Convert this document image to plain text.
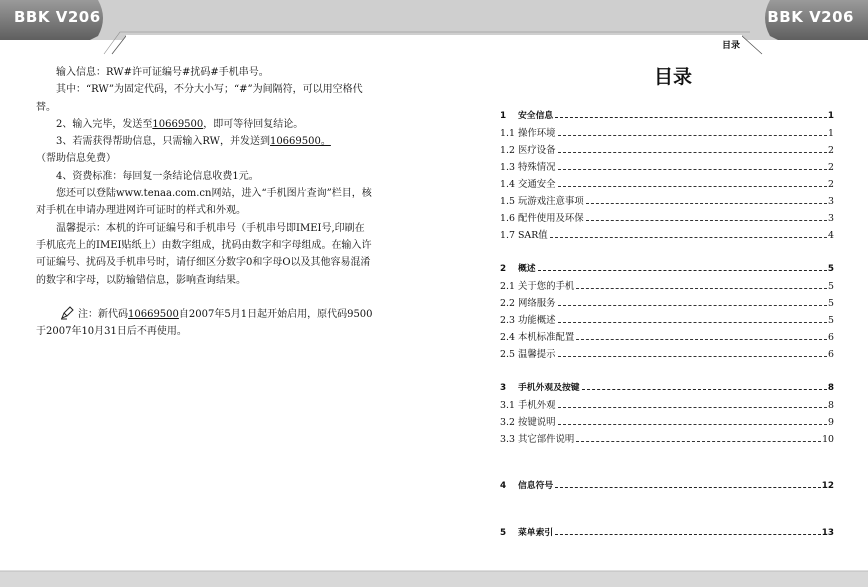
BBK V206	BBK V206
目录

输入信息：RW#许可证编号#扰码#手机串号。

其中：“RW”为固定代码，不分大小写；“#”为间隔符，可以用空格代替。

2、输入完毕，发送至10669500，即可等待回复结论。

3、若需获得帮助信息，只需输入RW，并发送到10669500。

（帮助信息免费）

4、资费标准：每回复一条结论信息收费1元。

您还可以登陆www.tenaa.com.cn网站，进入“手机图片查询”栏目，核对手机在申请办理进网许可证时的样式和外观。

温馨提示：本机的许可证编号和手机串号（手机串号即IMEI号,印刷在手机底壳上的IMEI贴纸上）由数字组成，扰码由数字和字母组成。在输入许可证编号、扰码及手机串号时，请仔细区分数字0和字母O以及其他容易混淆的数字和字母，以防输错信息，影响查询结果。

注：新代码10669500自2007年5月1日起开始启用，原代码9500于2007年10月31日后不再使用。

目录
1 安全信息	1
1.1 操作环境	1
1.2 医疗设备	2
1.3 特殊情况	2
1.4 交通安全	2
1.5 玩游戏注意事项	3
1.6 配件使用及环保	3
1.7 SAR值	4
2 概述	5
2.1 关于您的手机	5
2.2 网络服务	5
2.3 功能概述	5
2.4 本机标准配置	6
2.5 温馨提示	6
3 手机外观及按键	8
3.1 手机外观	8
3.2 按键说明	9
3.3 其它部件说明	10
4 信息符号	12
5 菜单索引	13
